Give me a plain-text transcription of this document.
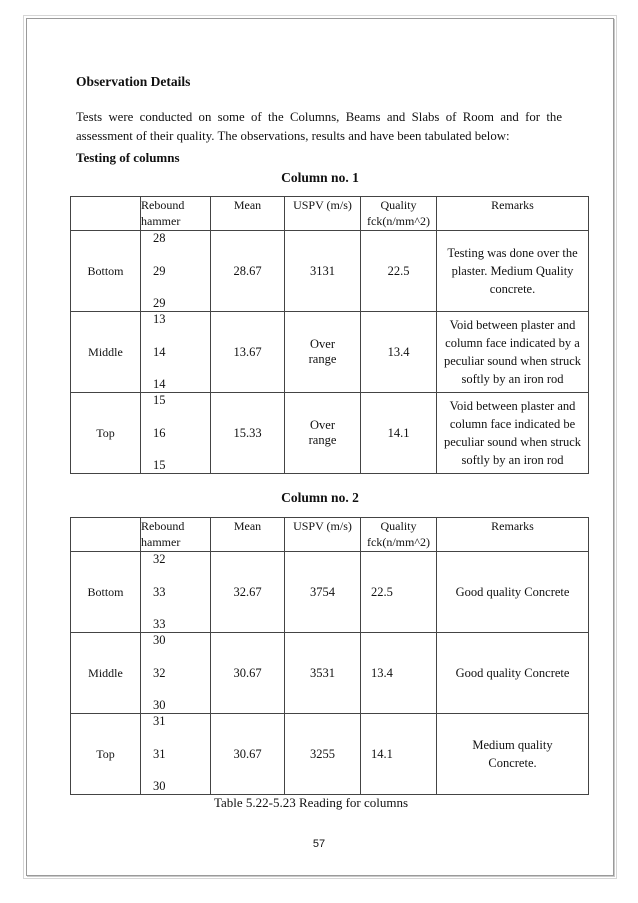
Observation Details
Tests were conducted on some of the Columns, Beams and Slabs of Room and for the assessment of their quality. The observations, results and have been tabulated below:
Testing of columns
Column no. 1
	Rebound hammer	Mean	USPV (m/s)	Quality fck(n/mm^2)	Remarks
Bottom	28
29
29	28.67	3131	22.5	Testing was done over the plaster. Medium Quality concrete.
Middle	13
14
14	13.67	Over range	13.4	Void between plaster and column face indicated by a peculiar sound when struck softly by an iron rod
Top	15
16
15	15.33	Over range	14.1	Void between plaster and column face indicated be peculiar sound when struck softly by an iron rod
Column no. 2
	Rebound hammer	Mean	USPV (m/s)	Quality fck(n/mm^2)	Remarks
Bottom	32
33
33	32.67	3754	22.5	Good quality Concrete
Middle	30
32
30	30.67	3531	13.4	Good quality Concrete
Top	31
31
30	30.67	3255	14.1	Medium quality Concrete.
Table 5.22-5.23 Reading for columns
57
